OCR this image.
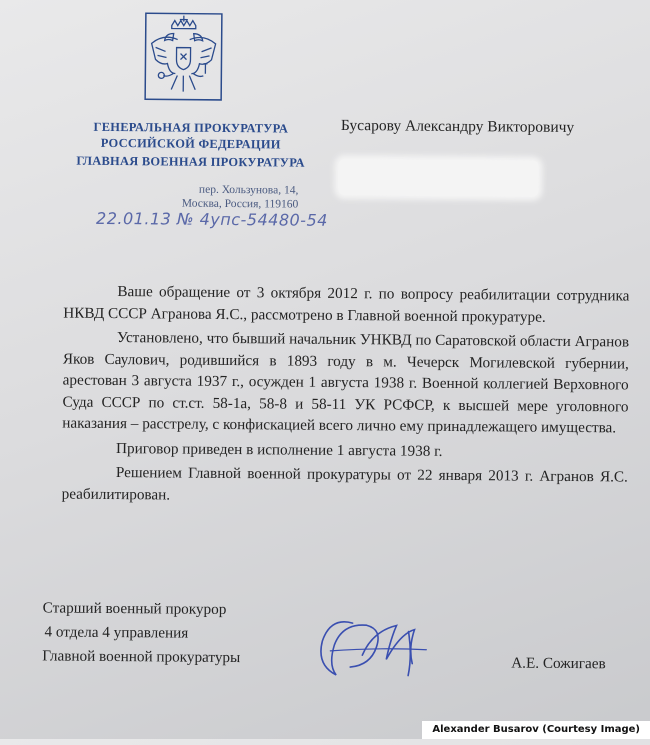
ГЕНЕРАЛЬНАЯ ПРОКУРАТУРА
РОССИЙСКОЙ ФЕДЕРАЦИИ
ГЛАВНАЯ ВОЕННАЯ ПРОКУРАТУРА
пер. Хользунова, 14,
Москва, Россия, 119160
22.01.13 № 4упс-54480-54
Бусарову Александру Викторовичу

Ваше обращение от 3 октября 2012 г. по вопросу реабилитации сотрудника НКВД СССР Агранова Я.С., рассмотрено в Главной военной прокуратуре.

Установлено, что бывший начальник УНКВД по Саратовской области Агранов Яков Саулович, родившийся в 1893 году в м. Чечерск Могилевской губернии, арестован 3 августа 1937 г., осужден 1 августа 1938 г. Военной коллегией Верховного Суда СССР по ст.ст. 58-1а, 58-8 и 58-11 УК РСФСР, к высшей мере уголовного наказания – расстрелу, с конфискацией всего лично ему принадлежащего имущества.

Приговор приведен в исполнение 1 августа 1938 г.

Решением Главной военной прокуратуры от 22 января 2013 г. Агранов Я.С. реабилитирован.

Старший военный прокурор
4 отдела 4 управления
Главной военной прокуратуры	А.Е. Сожигаев
Alexander Busarov (Courtesy Image)
